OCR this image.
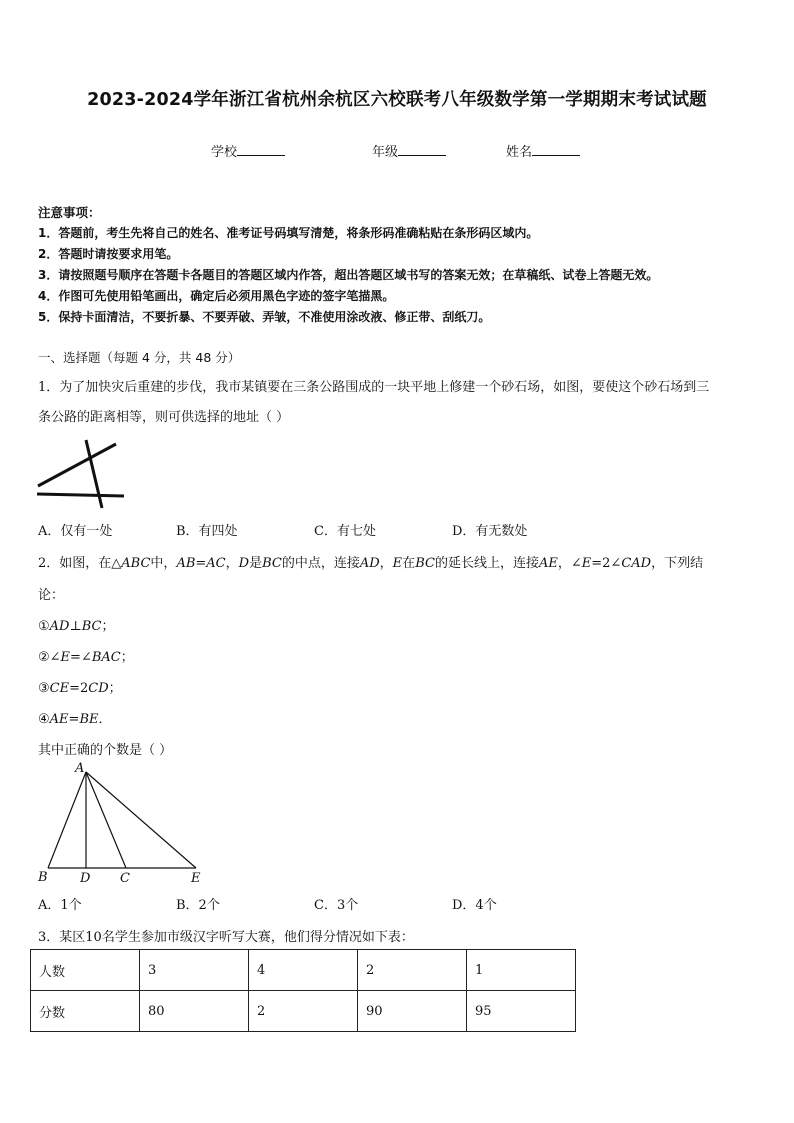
2023-2024学年浙江省杭州余杭区六校联考八年级数学第一学期期末考试试题
学校	年级	姓名
注意事项：
1．答题前，考生先将自己的姓名、准考证号码填写清楚，将条形码准确粘贴在条形码区域内。
2．答题时请按要求用笔。
3．请按照题号顺序在答题卡各题目的答题区域内作答，超出答题区域书写的答案无效；在草稿纸、试卷上答题无效。
4．作图可先使用铅笔画出，确定后必须用黑色字迹的签字笔描黑。
5．保持卡面清洁，不要折暴、不要弄破、弄皱，不准使用涂改液、修正带、刮纸刀。
一、选择题（每题 4 分，共 48 分）
1．为了加快灾后重建的步伐，我市某镇要在三条公路围成的一块平地上修建一个砂石场，如图，要使这个砂石场到三
条公路的距离相等，则可供选择的地址（ ）
A．仅有一处	B．有四处	C．有七处	D．有无数处
2．如图，在△ABC中，AB=AC，D是BC的中点，连接AD，E在BC的延长线上，连接AE，∠E=2∠CAD，下列结
论：
①AD⊥BC；
②∠E=∠BAC；
③CE=2CD；
④AE=BE．
其中正确的个数是（ ）
A
B D C	E
A．1个	B．2个	C．3个	D．4个
3．某区10名学生参加市级汉字听写大赛，他们得分情况如下表：
人数	3	4	2	1
分数	80	2	90	95
